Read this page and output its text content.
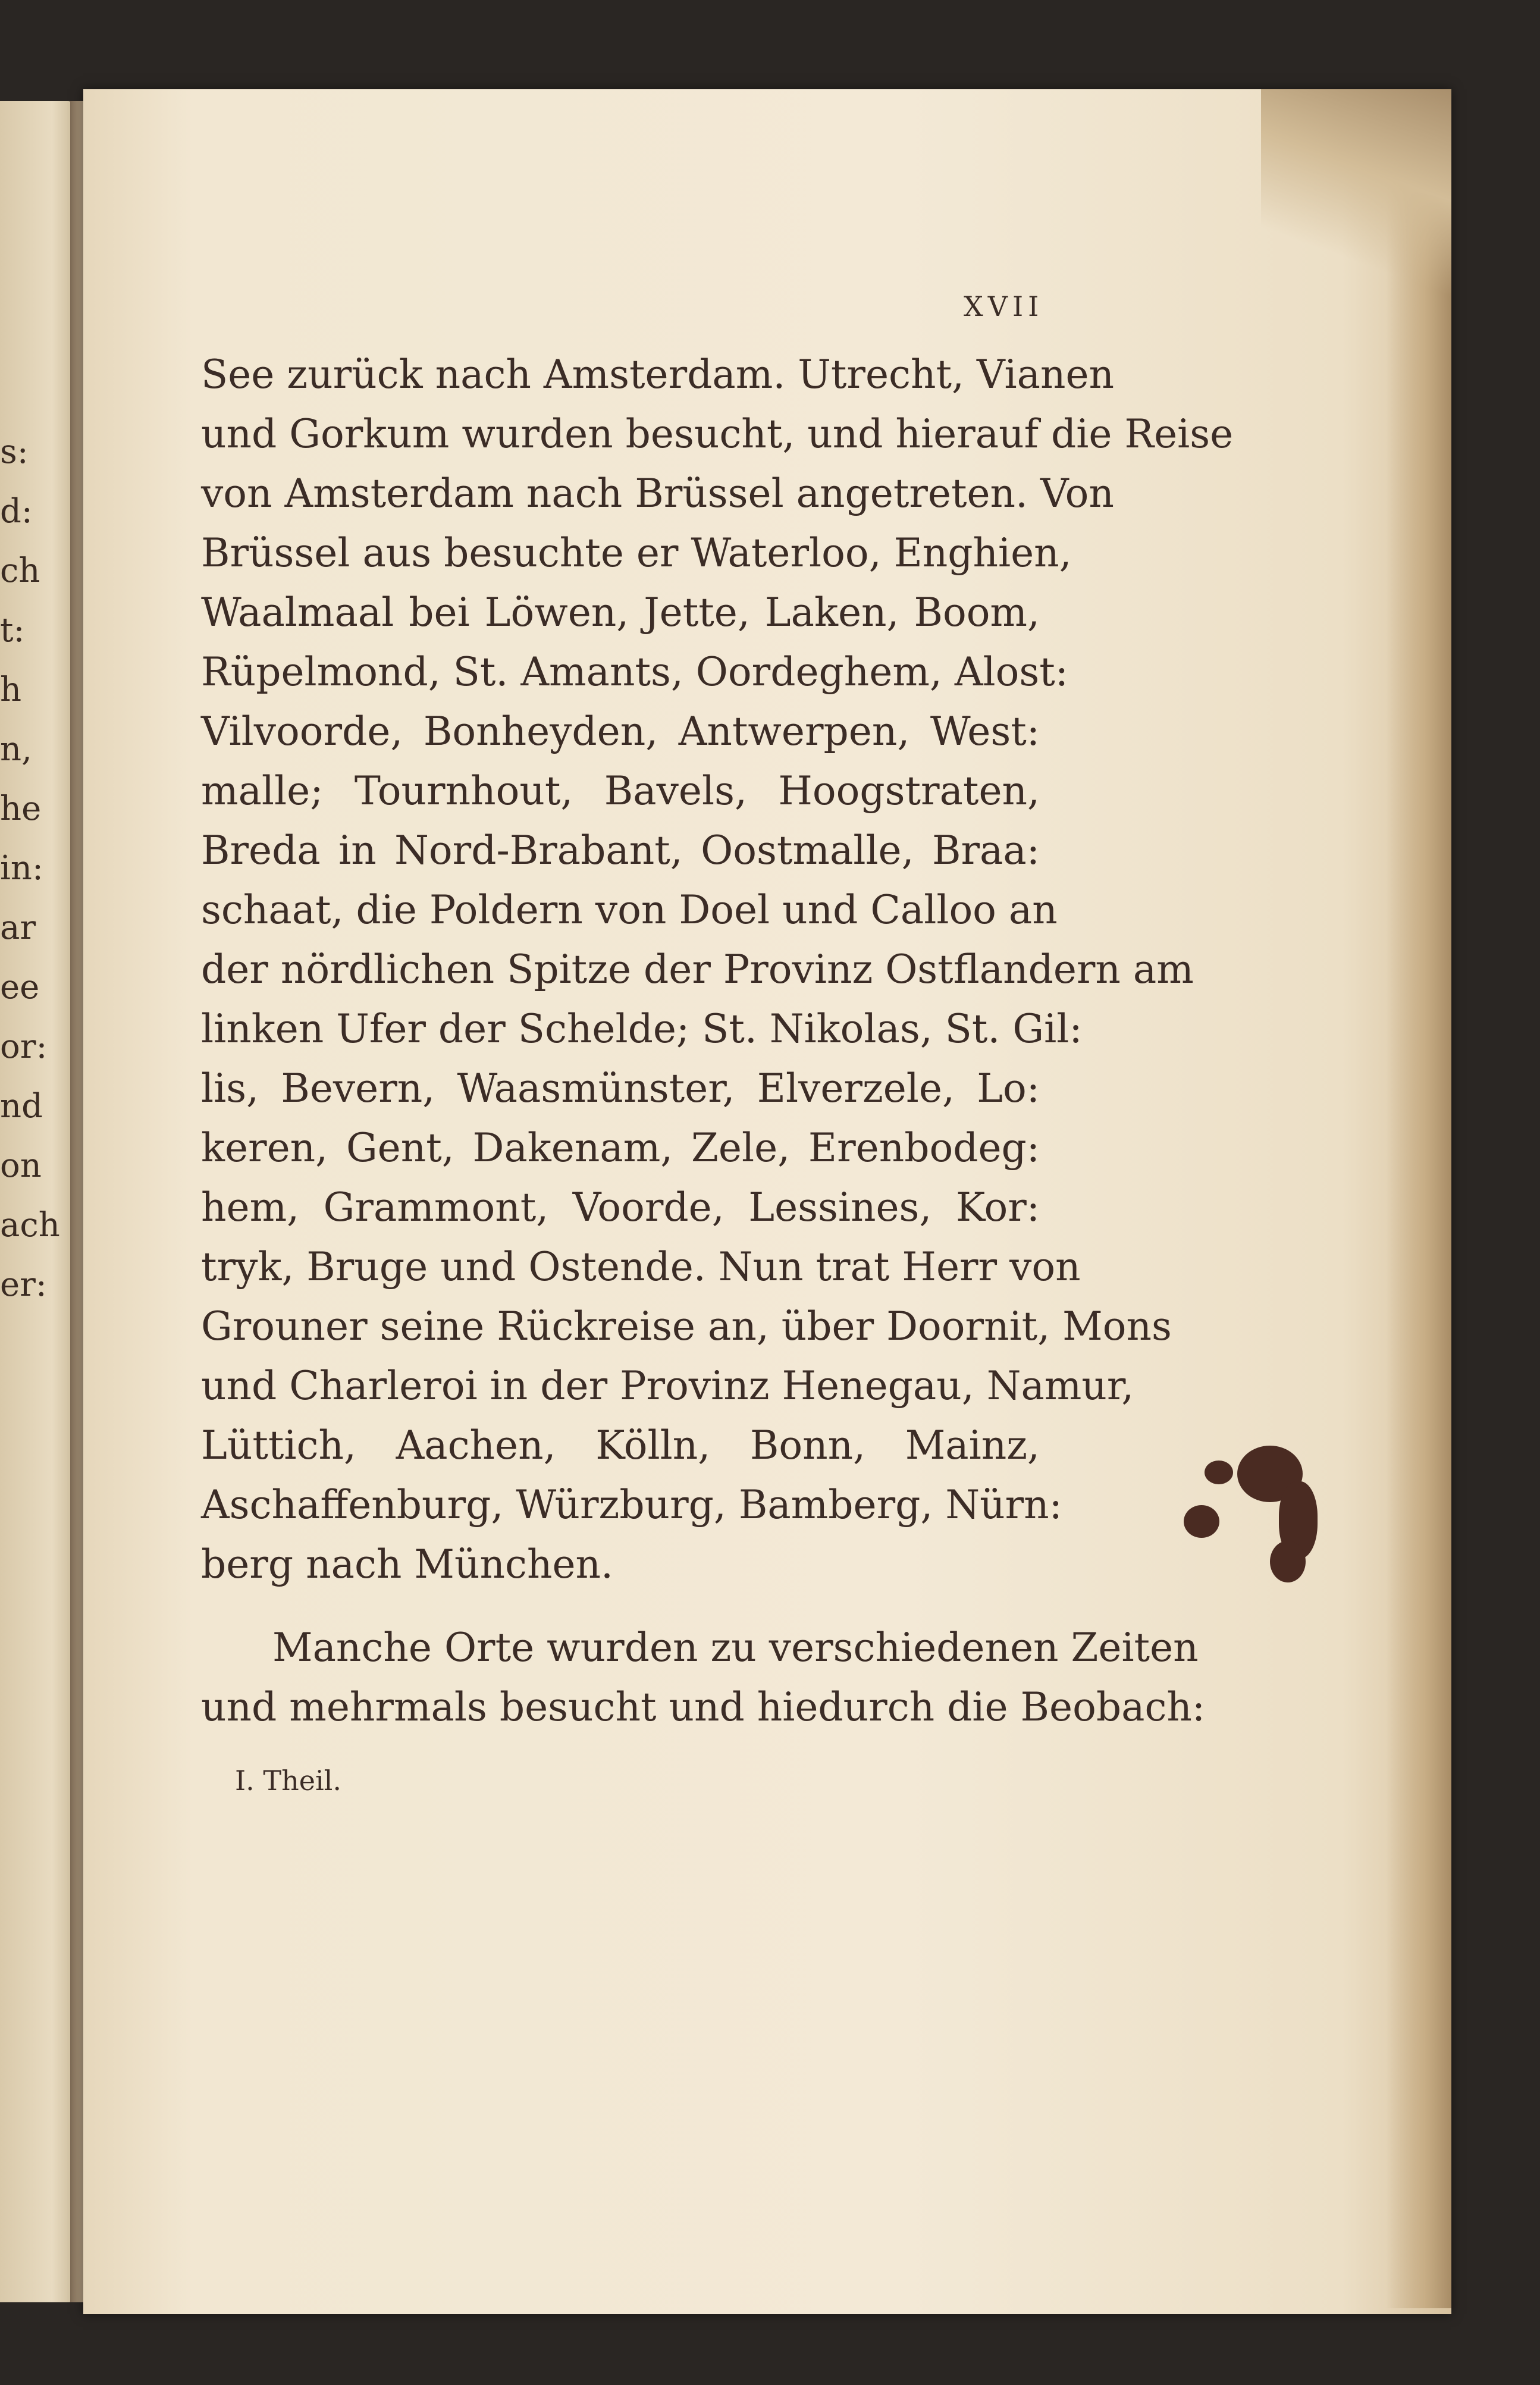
s:
d:
ch
t:
h
n,
he
in:
ar
ee
or:
nd
on
ach
er:
XVII
See zurück nach Amsterdam. Utrecht, Vianen
und Gorkum wurden besucht, und hierauf die Reise
von Amsterdam nach Brüssel angetreten. Von
Brüssel aus besuchte er Waterloo, Enghien,
Waalmaal bei Löwen, Jette, Laken, Boom,
Rüpelmond, St. Amants, Oordeghem, Alost:
Vilvoorde, Bonheyden, Antwerpen, West:
malle; Tournhout, Bavels, Hoogstraten,
Breda in Nord-Brabant, Oostmalle, Braa:
schaat, die Poldern von Doel und Calloo an
der nördlichen Spitze der Provinz Ostflandern am
linken Ufer der Schelde; St. Nikolas, St. Gil:
lis, Bevern, Waasmünster, Elverzele, Lo:
keren, Gent, Dakenam, Zele, Erenbodeg:
hem, Grammont, Voorde, Lessines, Kor:
tryk, Bruge und Ostende. Nun trat Herr von
Grouner seine Rückreise an, über Doornit, Mons
und Charleroi in der Provinz Henegau, Namur,
Lüttich, Aachen, Kölln, Bonn, Mainz,
Aschaffenburg, Würzburg, Bamberg, Nürn:
berg nach München.
Manche Orte wurden zu verschiedenen Zeiten
und mehrmals besucht und hiedurch die Beobach:
I. Theil.
